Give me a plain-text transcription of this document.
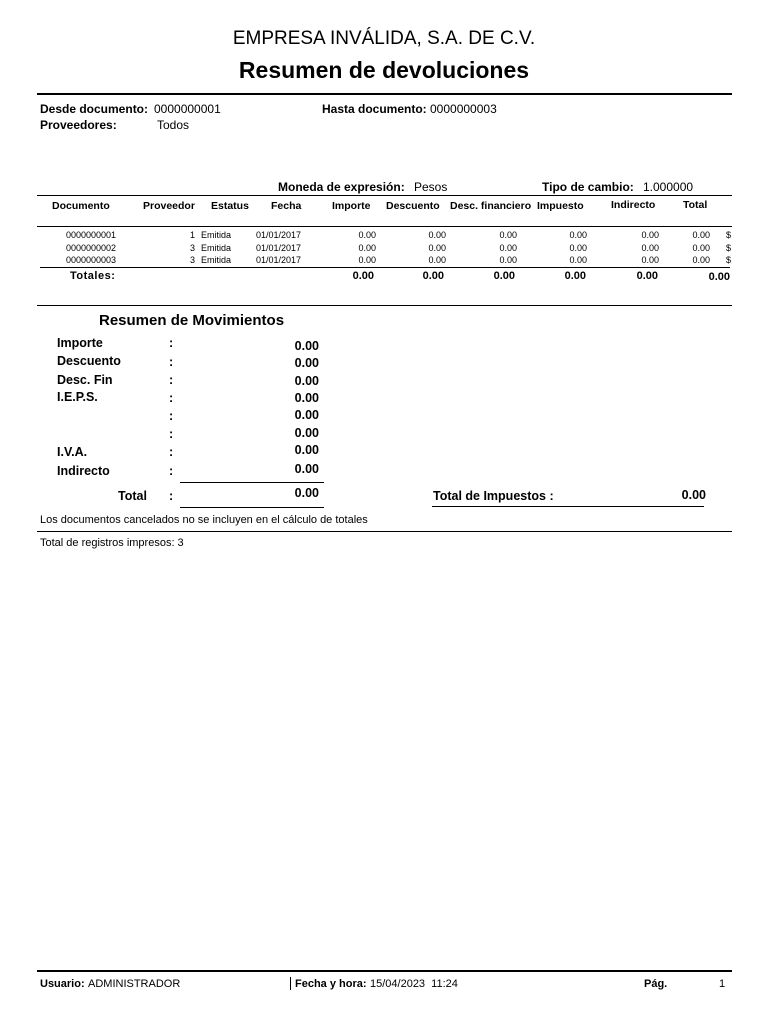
EMPRESA INVÁLIDA, S.A. DE C.V.
Resumen de devoluciones
Desde documento: 0000000001	Hasta documento: 0000000003
Proveedores:	Todos
Moneda de expresión: Pesos	Tipo de cambio: 1.000000
Documento	Proveedor Estatus Fecha	Importe Descuento Desc. financiero Impuesto	Indirecto	Total
0000000001	1 Emitida	01/01/2017	0.00	0.00	0.00	0.00	0.00	0.00 $
0000000002	3 Emitida	01/01/2017	0.00	0.00	0.00	0.00	0.00	0.00 $
0000000003	3 Emitida	01/01/2017	0.00	0.00	0.00	0.00	0.00	0.00 $
Totales:	0.00	0.00	0.00	0.00	0.00	0.00
Resumen de Movimientos
Importe	:	0.00
Descuento	:	0.00
Desc. Fin	:	0.00
I.E.P.S.	:	0.00
:	0.00
:	0.00
I.V.A.	:	0.00
Indirecto	:	0.00
Total :	0.00	Total de Impuestos :	0.00
Los documentos cancelados no se incluyen en el cálculo de totales
Total de registros impresos: 3
Usuario: ADMINISTRADOR	Fecha y hora: 15/04/2023  11:24	Pág.	1
